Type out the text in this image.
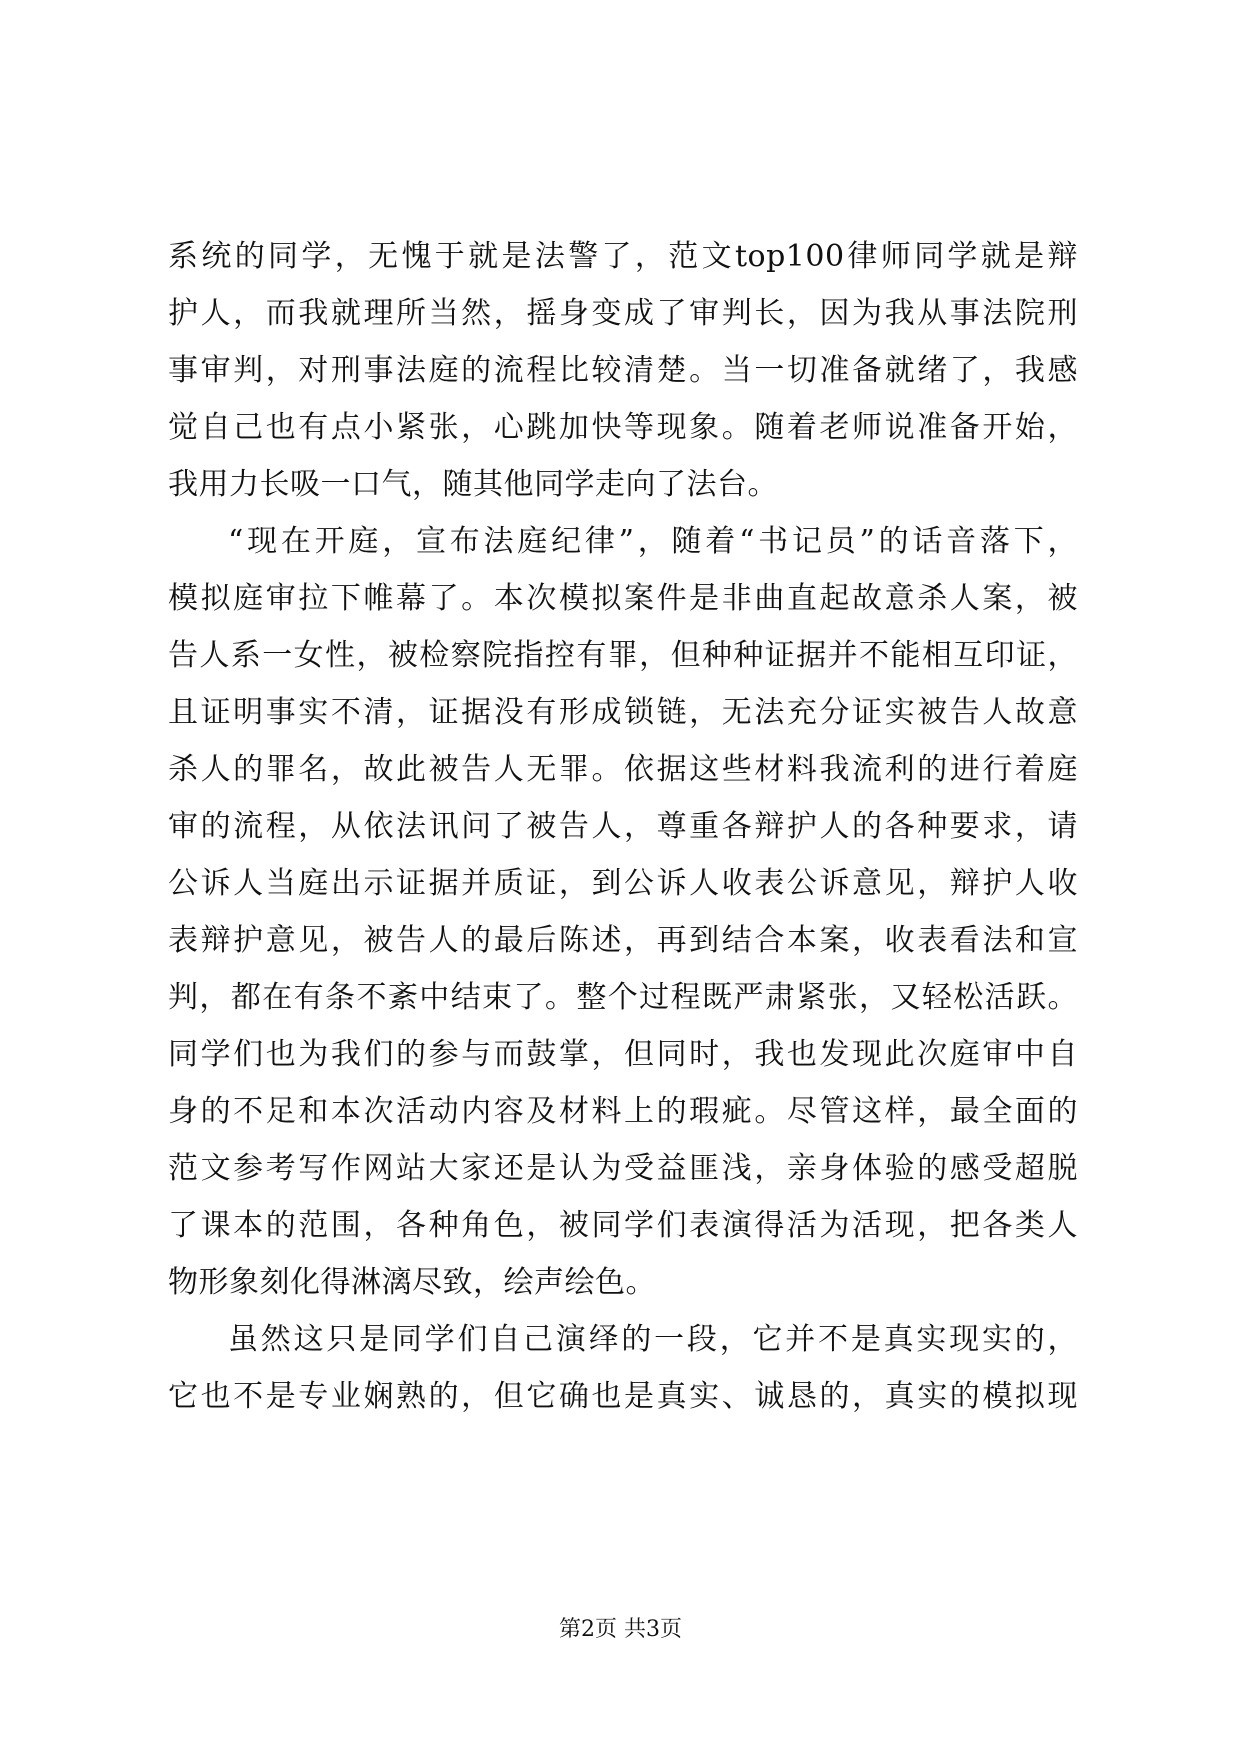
系统的同学，无愧于就是法警了，范文top100律师同学就是辩
护人，而我就理所当然，摇身变成了审判长，因为我从事法院刑
事审判，对刑事法庭的流程比较清楚。当一切准备就绪了，我感
觉自己也有点小紧张，心跳加快等现象。随着老师说准备开始，
我用力长吸一口气，随其他同学走向了法台。
“现在开庭，宣布法庭纪律”，随着“书记员”的话音落下，
模拟庭审拉下帷幕了。本次模拟案件是非曲直起故意杀人案，被
告人系一女性，被检察院指控有罪，但种种证据并不能相互印证，
且证明事实不清，证据没有形成锁链，无法充分证实被告人故意
杀人的罪名，故此被告人无罪。依据这些材料我流利的进行着庭
审的流程，从依法讯问了被告人，尊重各辩护人的各种要求，请
公诉人当庭出示证据并质证，到公诉人收表公诉意见，辩护人收
表辩护意见，被告人的最后陈述，再到结合本案，收表看法和宣
判，都在有条不紊中结束了。整个过程既严肃紧张，又轻松活跃。
同学们也为我们的参与而鼓掌，但同时，我也发现此次庭审中自
身的不足和本次活动内容及材料上的瑕疵。尽管这样，最全面的
范文参考写作网站大家还是认为受益匪浅，亲身体验的感受超脱
了课本的范围，各种角色，被同学们表演得活为活现，把各类人
物形象刻化得淋漓尽致，绘声绘色。
虽然这只是同学们自己演绎的一段，它并不是真实现实的，
它也不是专业娴熟的，但它确也是真实、诚恳的，真实的模拟现
第2页 共3页
